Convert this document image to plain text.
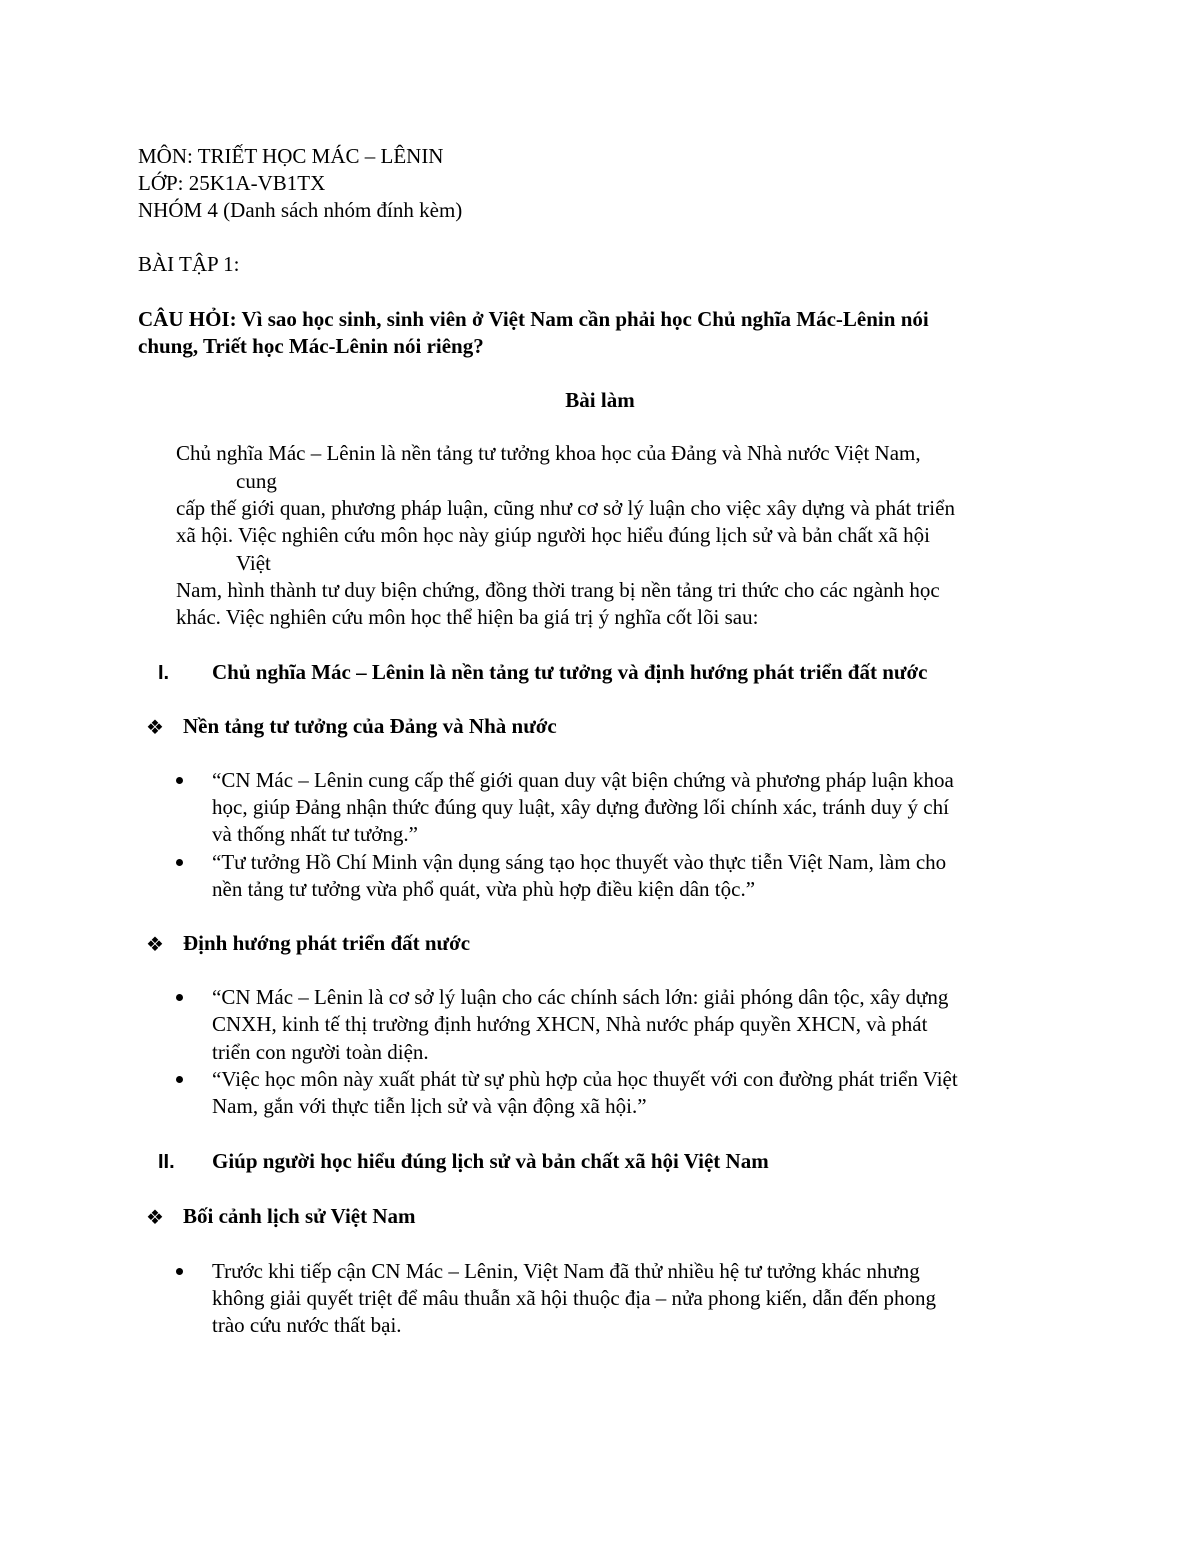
MÔN: TRIẾT HỌC MÁC – LÊNIN
LỚP: 25K1A-VB1TX
NHÓM 4 (Danh sách nhóm đính kèm)
BÀI TẬP 1:
CÂU HỎI: Vì sao học sinh, sinh viên ở Việt Nam cần phải học Chủ nghĩa Mác-Lênin nói
chung, Triết học Mác-Lênin nói riêng?
Bài làm
Chủ nghĩa Mác – Lênin là nền tảng tư tưởng khoa học của Đảng và Nhà nước Việt Nam,
cung
cấp thế giới quan, phương pháp luận, cũng như cơ sở lý luận cho việc xây dựng và phát triển
xã hội. Việc nghiên cứu môn học này giúp người học hiểu đúng lịch sử và bản chất xã hội
Việt
Nam, hình thành tư duy biện chứng, đồng thời trang bị nền tảng tri thức cho các ngành học
khác. Việc nghiên cứu môn học thể hiện ba giá trị ý nghĩa cốt lõi sau:
I. Chủ nghĩa Mác – Lênin là nền tảng tư tưởng và định hướng phát triển đất nước
❖ Nền tảng tư tưởng của Đảng và Nhà nước
“CN Mác – Lênin cung cấp thế giới quan duy vật biện chứng và phương pháp luận khoa
học, giúp Đảng nhận thức đúng quy luật, xây dựng đường lối chính xác, tránh duy ý chí
và thống nhất tư tưởng.”
“Tư tưởng Hồ Chí Minh vận dụng sáng tạo học thuyết vào thực tiễn Việt Nam, làm cho
nền tảng tư tưởng vừa phổ quát, vừa phù hợp điều kiện dân tộc.”
❖ Định hướng phát triển đất nước
“CN Mác – Lênin là cơ sở lý luận cho các chính sách lớn: giải phóng dân tộc, xây dựng
CNXH, kinh tế thị trường định hướng XHCN, Nhà nước pháp quyền XHCN, và phát
triển con người toàn diện.
“Việc học môn này xuất phát từ sự phù hợp của học thuyết với con đường phát triển Việt
Nam, gắn với thực tiễn lịch sử và vận động xã hội.”
II. Giúp người học hiểu đúng lịch sử và bản chất xã hội Việt Nam
❖ Bối cảnh lịch sử Việt Nam
Trước khi tiếp cận CN Mác – Lênin, Việt Nam đã thử nhiều hệ tư tưởng khác nhưng
không giải quyết triệt để mâu thuẫn xã hội thuộc địa – nửa phong kiến, dẫn đến phong
trào cứu nước thất bại.
